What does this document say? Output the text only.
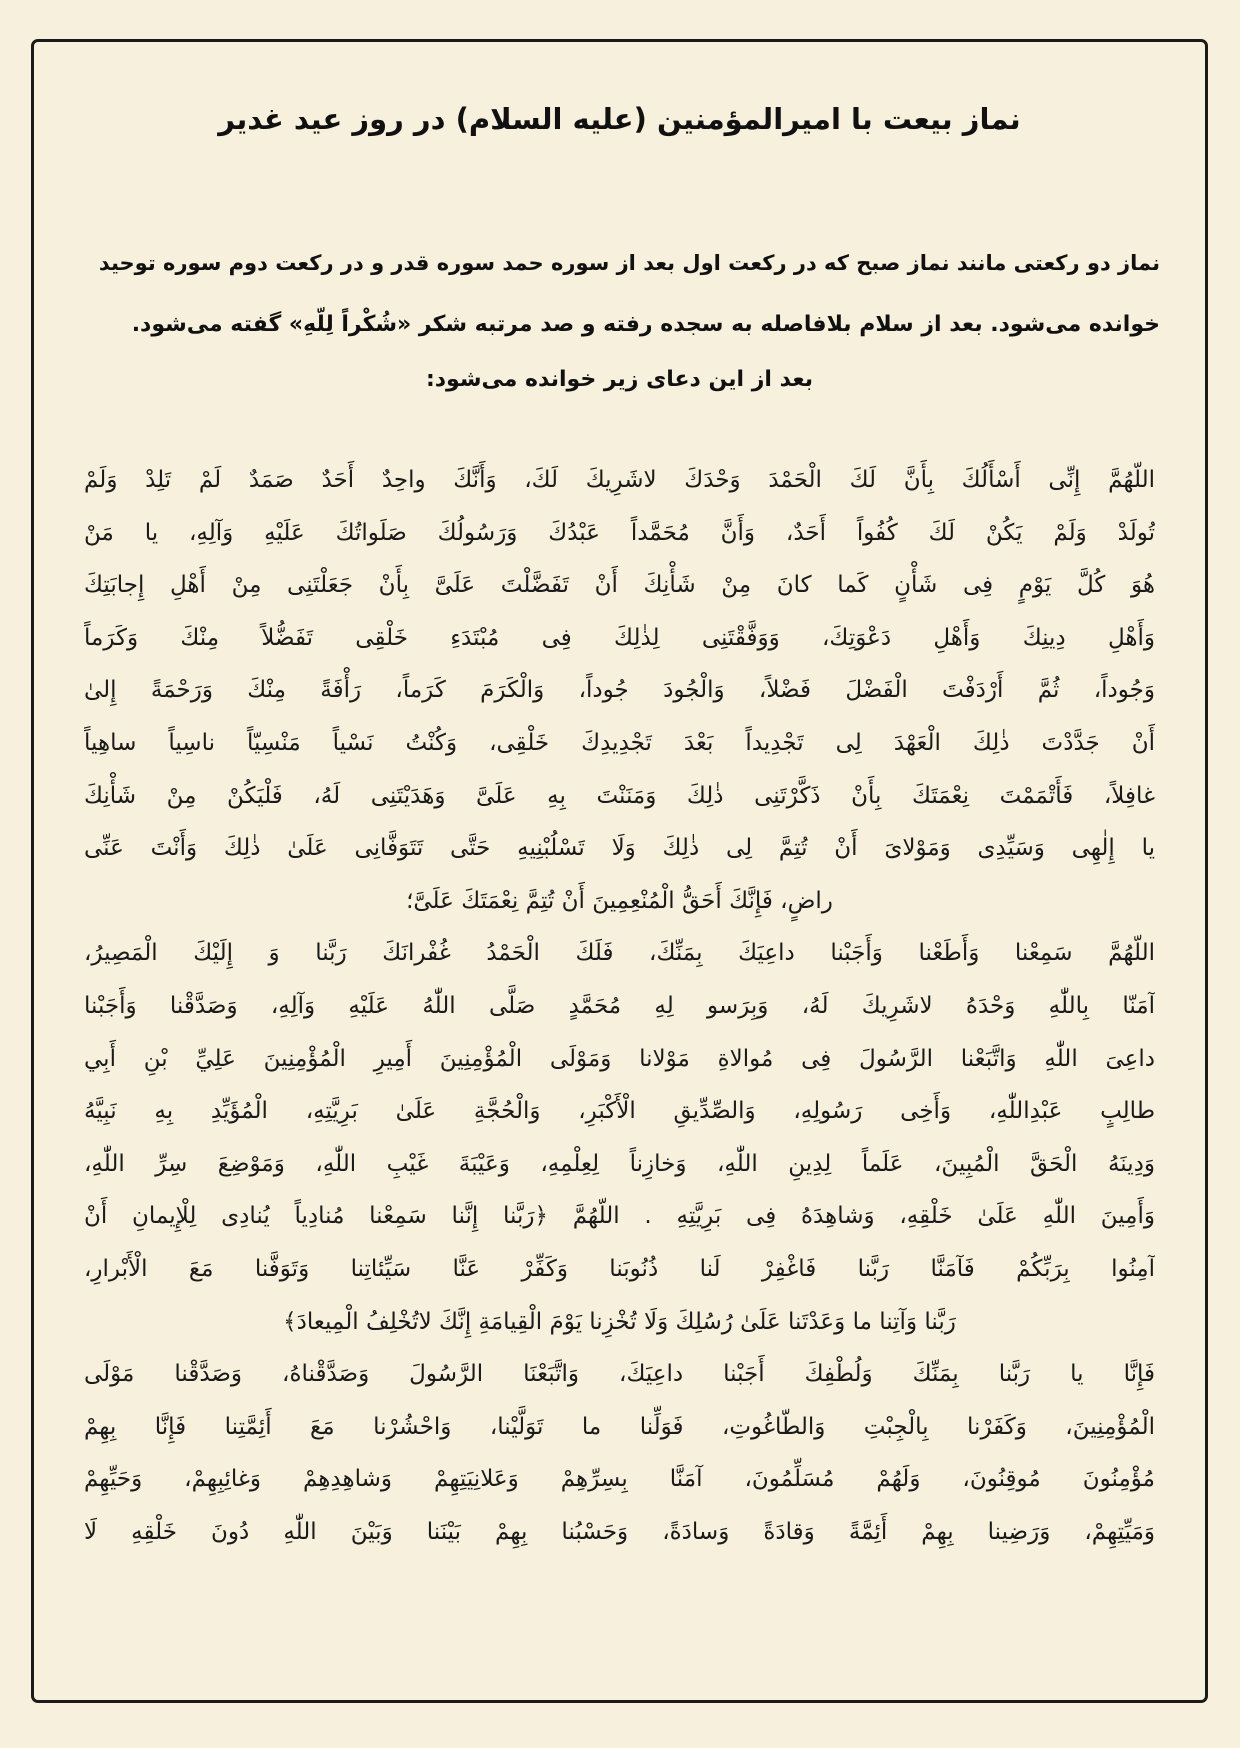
نماز بیعت با امیرالمؤمنین (علیه السلام) در روز عید غدیر
نماز دو رکعتی مانند نماز صبح که در رکعت اول بعد از سوره حمد سوره قدر و در رکعت دوم سوره توحید
خوانده می‌شود. بعد از سلام بلافاصله به سجده رفته و صد مرتبه شکر «شُكْراً لِلّهِ» گفته می‌شود.
بعد از این دعای زیر خوانده می‌شود:
اللّهُمَّ إِنِّى أَسْأَلُكَ بِأَنَّ لَكَ الْحَمْدَ وَحْدَكَ لاشَرِيكَ لَكَ، وَأَنَّكَ واحِدٌ أَحَدٌ صَمَدٌ لَمْ تَلِدْ وَلَمْ
تُولَدْ وَلَمْ يَكُنْ لَكَ كُفُواً أَحَدٌ، وَأَنَّ مُحَمَّداً عَبْدُكَ وَرَسُولُكَ صَلَواتُكَ عَلَيْهِ وَآلِهِ، يا مَنْ
هُوَ كُلَّ يَوْمٍ فِى شَأْنٍ كَما كانَ مِنْ شَأْنِكَ أَنْ تَفَضَّلْتَ عَلَىَّ بِأَنْ جَعَلْتَنِى مِنْ أَهْلِ إِجابَتِكَ
وَأَهْلِ دِينِكَ وَأَهْلِ دَعْوَتِكَ، وَوَفَّقْتَنِى لِذٰلِكَ فِى مُبْتَدَءِ خَلْقِى تَفَضُّلاً مِنْكَ وَكَرَماً
وَجُوداً، ثُمَّ أَرْدَفْتَ الْفَضْلَ فَضْلاً، وَالْجُودَ جُوداً، وَالْكَرَمَ كَرَماً، رَأْفَةً مِنْكَ وَرَحْمَةً إِلىٰ
أَنْ جَدَّدْتَ ذٰلِكَ الْعَهْدَ لِى تَجْدِيداً بَعْدَ تَجْدِيدِكَ خَلْقِى، وَكُنْتُ نَسْياً مَنْسِيّاً ناسِياً ساهِياً
غافِلاً، فَأَتْمَمْتَ نِعْمَتَكَ بِأَنْ ذَكَّرْتَنِى ذٰلِكَ وَمَنَنْتَ بِهِ عَلَىَّ وَهَدَيْتَنِى لَهُ، فَلْيَكُنْ مِنْ شَأْنِكَ
يا إِلٰهِى وَسَيِّدِى وَمَوْلاىَ أَنْ تُتِمَّ لِى ذٰلِكَ وَلَا تَسْلُبْنِيهِ حَتَّى تَتَوَفَّانِى عَلَىٰ ذٰلِكَ وَأَنْتَ عَنِّى
راضٍ، فَإِنَّكَ أَحَقُّ الْمُنْعِمِينَ أَنْ تُتِمَّ نِعْمَتَكَ عَلَىَّ؛
اللّهُمَّ سَمِعْنا وَأَطَعْنا وَأَجَبْنا داعِيَكَ بِمَنِّكَ، فَلَكَ الْحَمْدُ غُفْرانَكَ رَبَّنا وَ إِلَيْكَ الْمَصِيرُ،
آمَنّا بِاللّٰهِ وَحْدَهُ لاشَرِيكَ لَهُ، وَبِرَسو لِهِ مُحَمَّدٍ صَلَّى اللّٰهُ عَلَيْهِ وَآلِهِ، وَصَدَّقْنا وَأَجَبْنا
داعِىَ اللّٰهِ وَاتَّبَعْنا الرَّسُولَ فِى مُوالاةِ مَوْلانا وَمَوْلَى الْمُؤْمِنِينَ أَمِيرِ الْمُؤْمِنِينَ عَلِيِّ بْنِ أَبِي
طالِبٍ عَبْدِاللّٰهِ، وَأَخِى رَسُولِهِ، وَالصِّدِّيقِ الْأَكْبَرِ، وَالْحُجَّةِ عَلَىٰ بَرِيَّتِهِ، الْمُؤَيِّدِ بِهِ نَبِيَّهُ
وَدِينَهُ الْحَقَّ الْمُبِينَ، عَلَماً لِدِينِ اللّٰهِ، وَخازِناً لِعِلْمِهِ، وَعَيْبَةَ غَيْبِ اللّٰهِ، وَمَوْضِعَ سِرِّ اللّٰهِ،
وَأَمِينَ اللّٰهِ عَلَىٰ خَلْقِهِ، وَشاهِدَهُ فِى بَرِيَّتِهِ . اللّهُمَّ ﴿رَبَّنا إِنَّنا سَمِعْنا مُنادِياً يُنادِى لِلْإِيمانِ أَنْ
آمِنُوا بِرَبِّكُمْ فَآمَنَّا رَبَّنا فَاغْفِرْ لَنا ذُنُوبَنا وَكَفِّرْ عَنَّا سَيِّئاتِنا وَتَوَفَّنا مَعَ الْأَبْرارِ،
رَبَّنا وَآتِنا ما وَعَدْتَنا عَلَىٰ رُسُلِكَ وَلَا تُخْزِنا يَوْمَ الْقِيامَةِ إِنَّكَ لاتُخْلِفُ الْمِيعادَ﴾
فَإِنَّا يا رَبَّنا بِمَنِّكَ وَلُطْفِكَ أَجَبْنا داعِيَكَ، وَاتَّبَعْنَا الرَّسُولَ وَصَدَّقْناهُ، وَصَدَّقْنا مَوْلَى
الْمُؤْمِنِينَ، وَكَفَرْنا بِالْجِبْتِ وَالطّاغُوتِ، فَوَلِّنا ما تَوَلَّيْنا، وَاحْشُرْنا مَعَ أَئِمَّتِنا فَإِنَّا بِهِمْ
مُؤْمِنُونَ مُوقِنُونَ، وَلَهُمْ مُسَلِّمُونَ، آمَنَّا بِسِرِّهِمْ وَعَلانِيَتِهِمْ وَشاهِدِهِمْ وَغائِبِهِمْ، وَحَيِّهِمْ
وَمَيِّتِهِمْ، وَرَضِينا بِهِمْ أَئِمَّةً وَقادَةً وَسادَةً، وَحَسْبُنا بِهِمْ بَيْنَنا وَبَيْنَ اللّٰهِ دُونَ خَلْقِهِ لَا
